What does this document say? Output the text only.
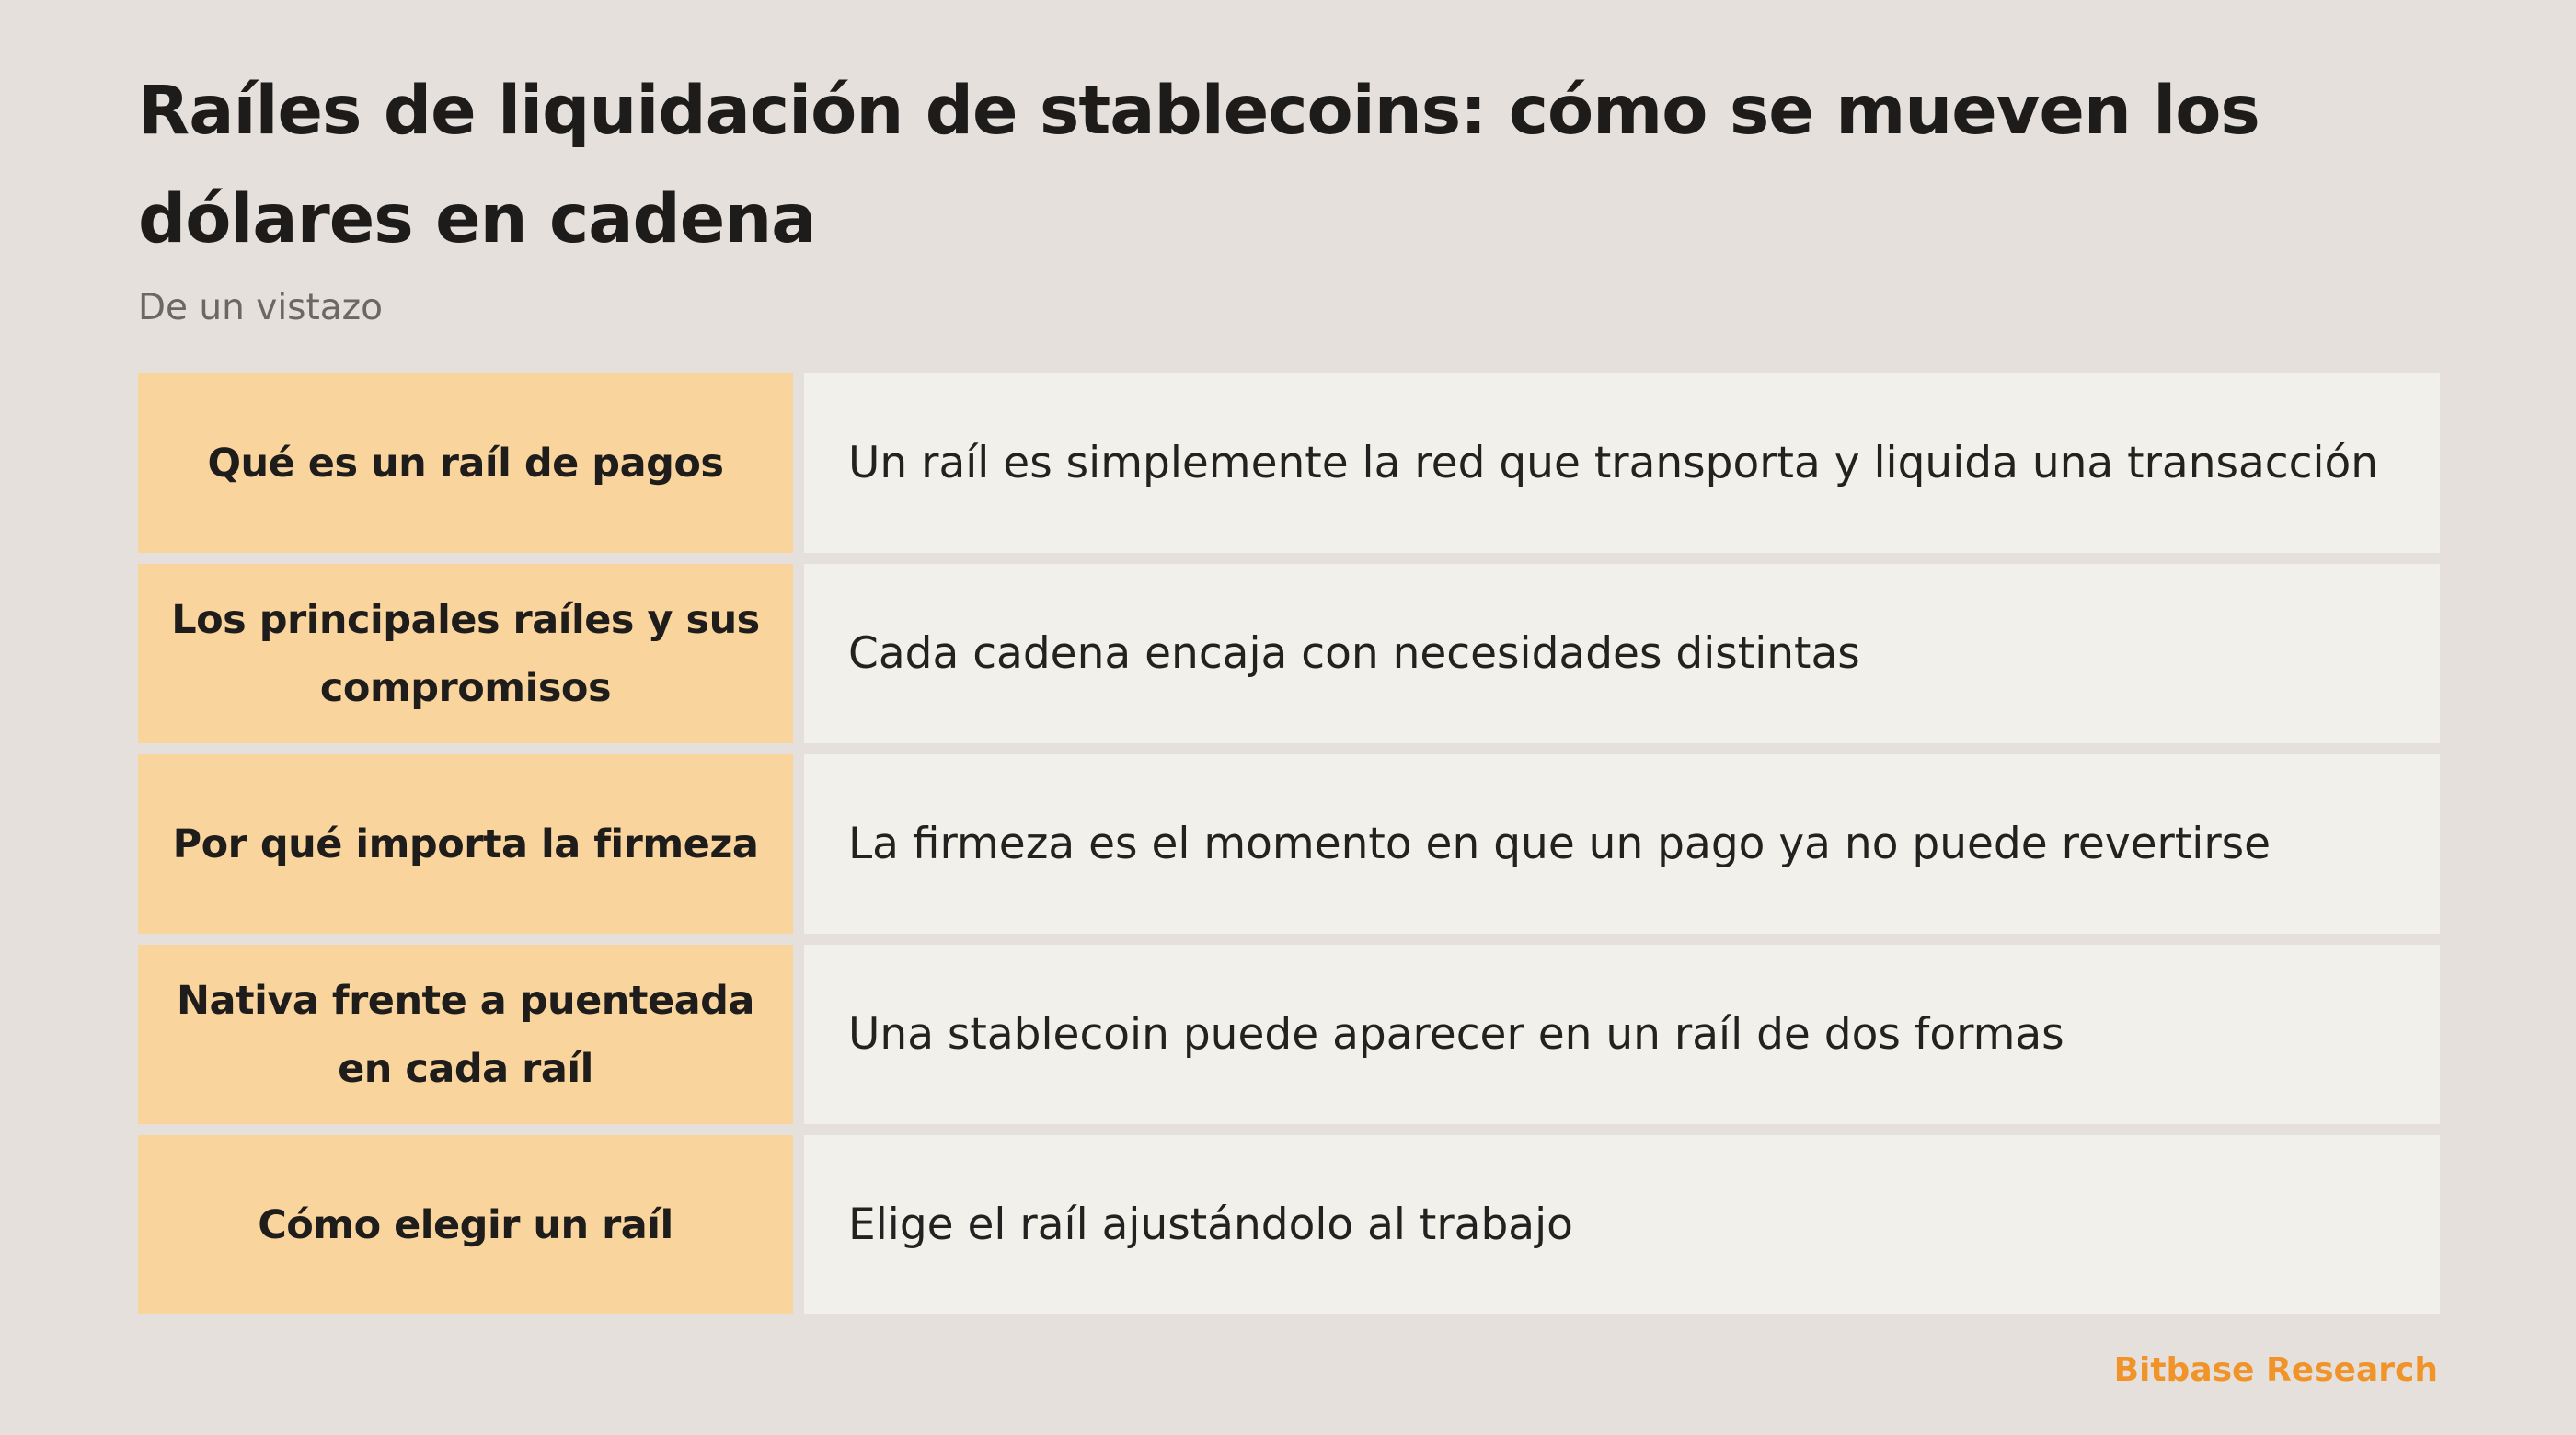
Raíles de liquidación de stablecoins: cómo se mueven los dólares en cadena

De un vistazo

Qué es un raíl de pagos	Un raíl es simplemente la red que transporta y liquida una transacción
Los principales raíles y sus compromisos
Cada cadena encaja con necesidades distintas
Por qué importa la firmeza La firmeza es el momento en que un pago ya no puede revertirse
Nativa frente a puenteada en cada raíl
Una stablecoin puede aparecer en un raíl de dos formas
Cómo elegir un raíl	Elige el raíl ajustándolo al trabajo
Bitbase Research
